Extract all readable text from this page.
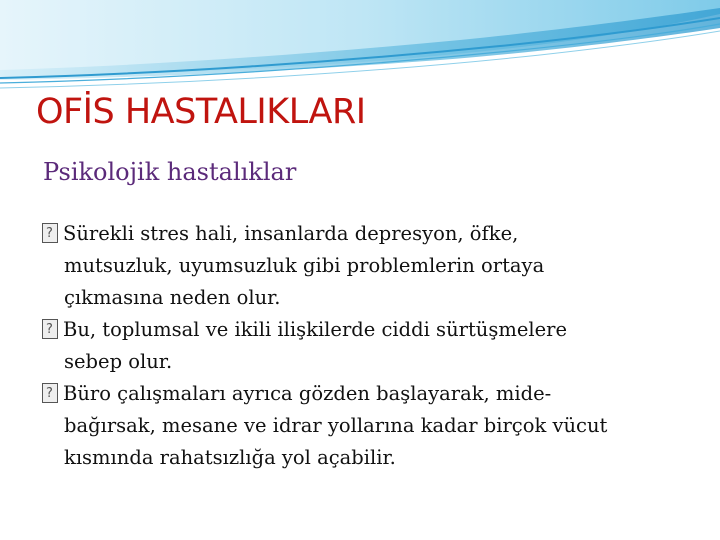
OFİS HASTALIKLARI
Psikolojik hastalıklar
?Sürekli stres hali, insanlarda depresyon, öfke,
mutsuzluk, uyumsuzluk gibi problemlerin ortaya
çıkmasına neden olur.
?Bu, toplumsal ve ikili ilişkilerde ciddi sürtüşmelere
sebep olur.
?Büro çalışmaları ayrıca gözden başlayarak, mide-
bağırsak, mesane ve idrar yollarına kadar birçok vücut
kısmında rahatsızlığa yol açabilir.
